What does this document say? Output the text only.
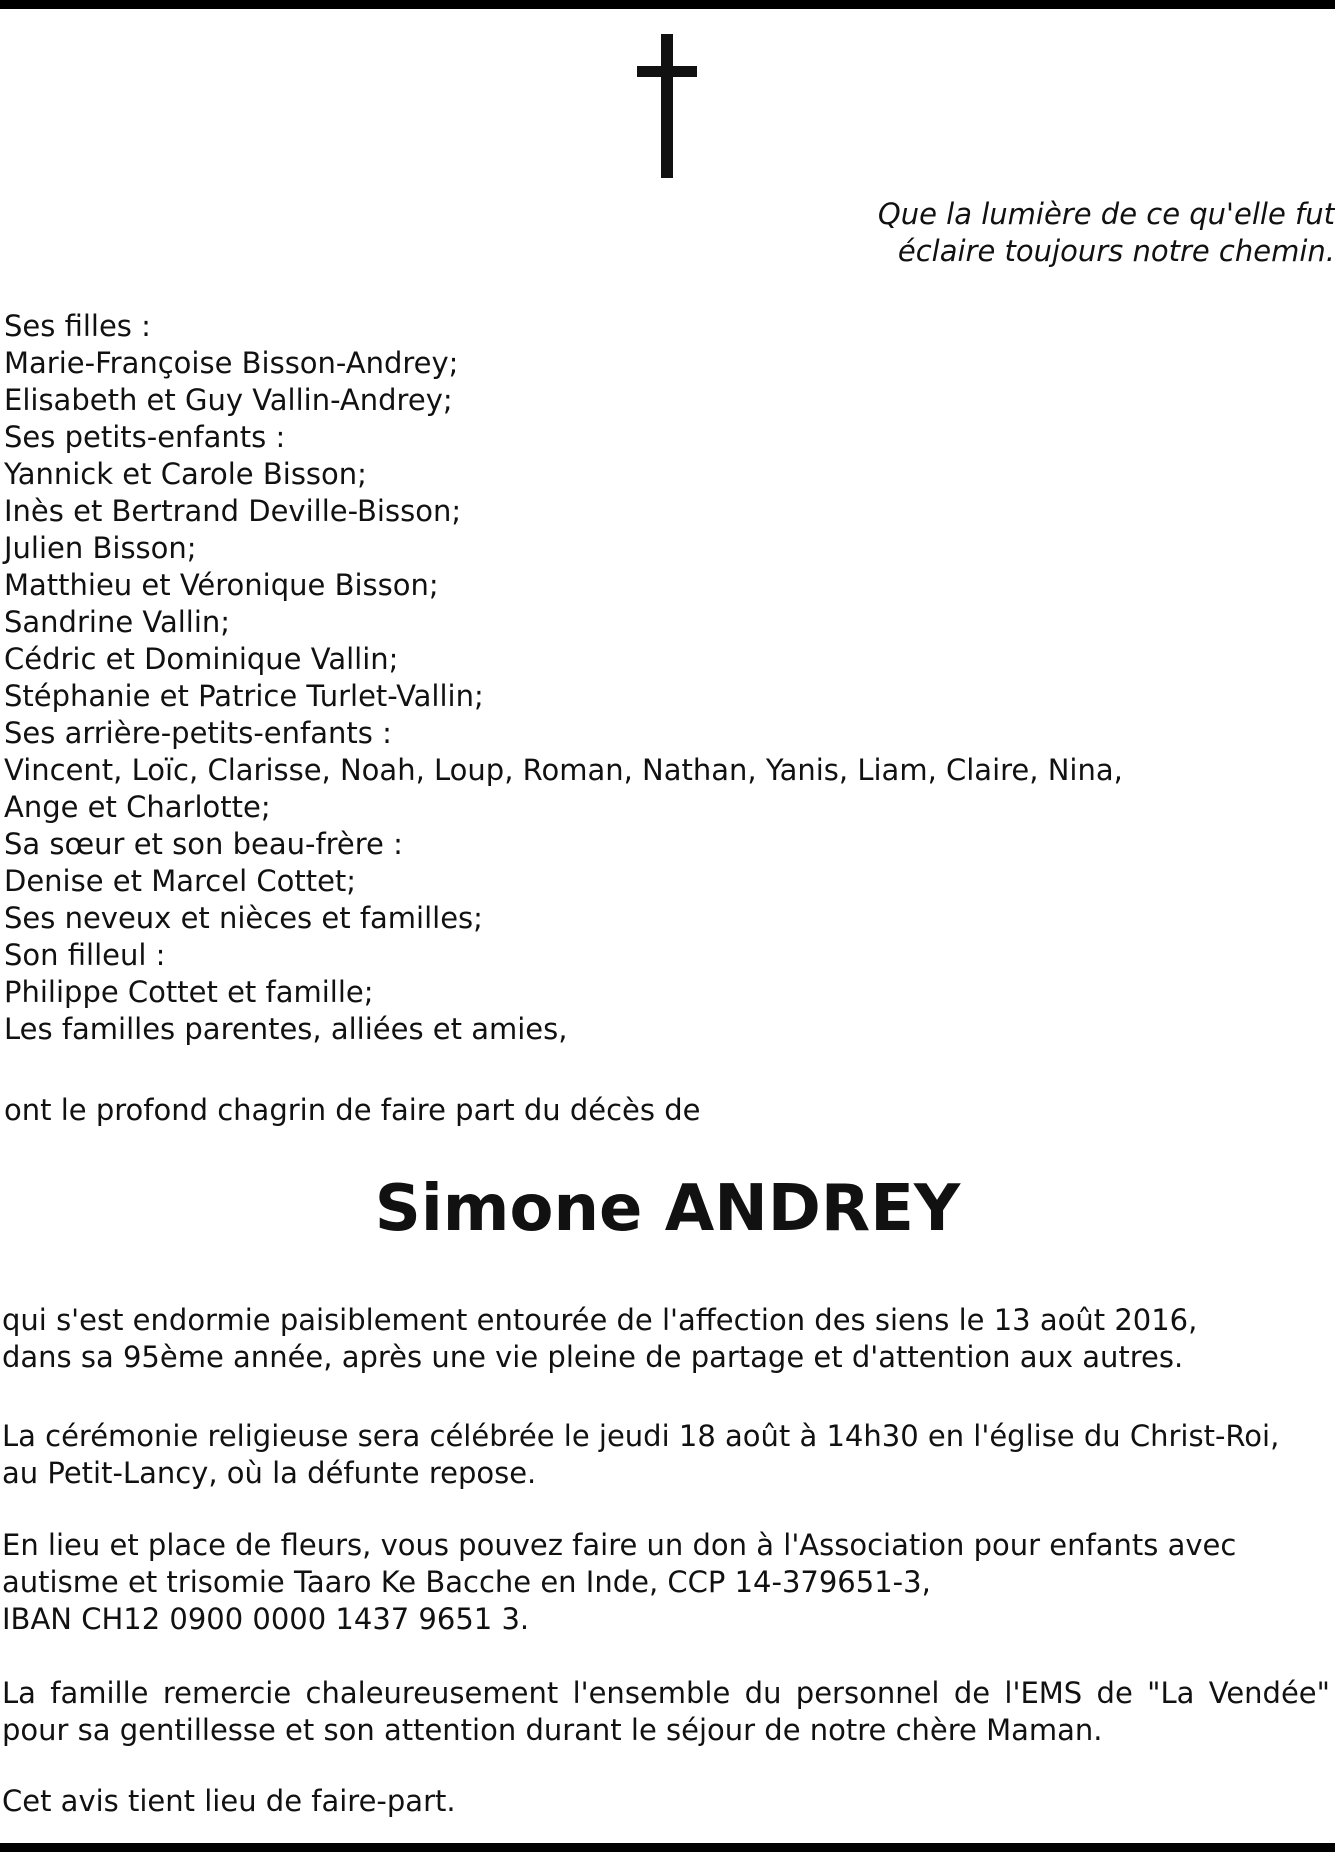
Que la lumière de ce qu'elle fut
éclaire toujours notre chemin.
Ses filles :
Marie-Françoise Bisson-Andrey;
Elisabeth et Guy Vallin-Andrey;
Ses petits-enfants :
Yannick et Carole Bisson;
Inès et Bertrand Deville-Bisson;
Julien Bisson;
Matthieu et Véronique Bisson;
Sandrine Vallin;
Cédric et Dominique Vallin;
Stéphanie et Patrice Turlet-Vallin;
Ses arrière-petits-enfants :
Vincent, Loïc, Clarisse, Noah, Loup, Roman, Nathan, Yanis, Liam, Claire, Nina,
Ange et Charlotte;
Sa sœur et son beau-frère :
Denise et Marcel Cottet;
Ses neveux et nièces et familles;
Son filleul :
Philippe Cottet et famille;
Les familles parentes, alliées et amies,
ont le profond chagrin de faire part du décès de
Simone ANDREY
qui s'est endormie paisiblement entourée de l'affection des siens le 13 août 2016,
dans sa 95ème année, après une vie pleine de partage et d'attention aux autres.
La cérémonie religieuse sera célébrée le jeudi 18 août à 14h30 en l'église du Christ-Roi,
au Petit-Lancy, où la défunte repose.
En lieu et place de fleurs, vous pouvez faire un don à l'Association pour enfants avec
autisme et trisomie Taaro Ke Bacche en Inde, CCP 14-379651-3,
IBAN CH12 0900 0000 1437 9651 3.
La famille remercie chaleureusement l'ensemble du personnel de l'EMS de "La Vendée" pour sa gentillesse et son attention durant le séjour de notre chère Maman.
Cet avis tient lieu de faire-part.
